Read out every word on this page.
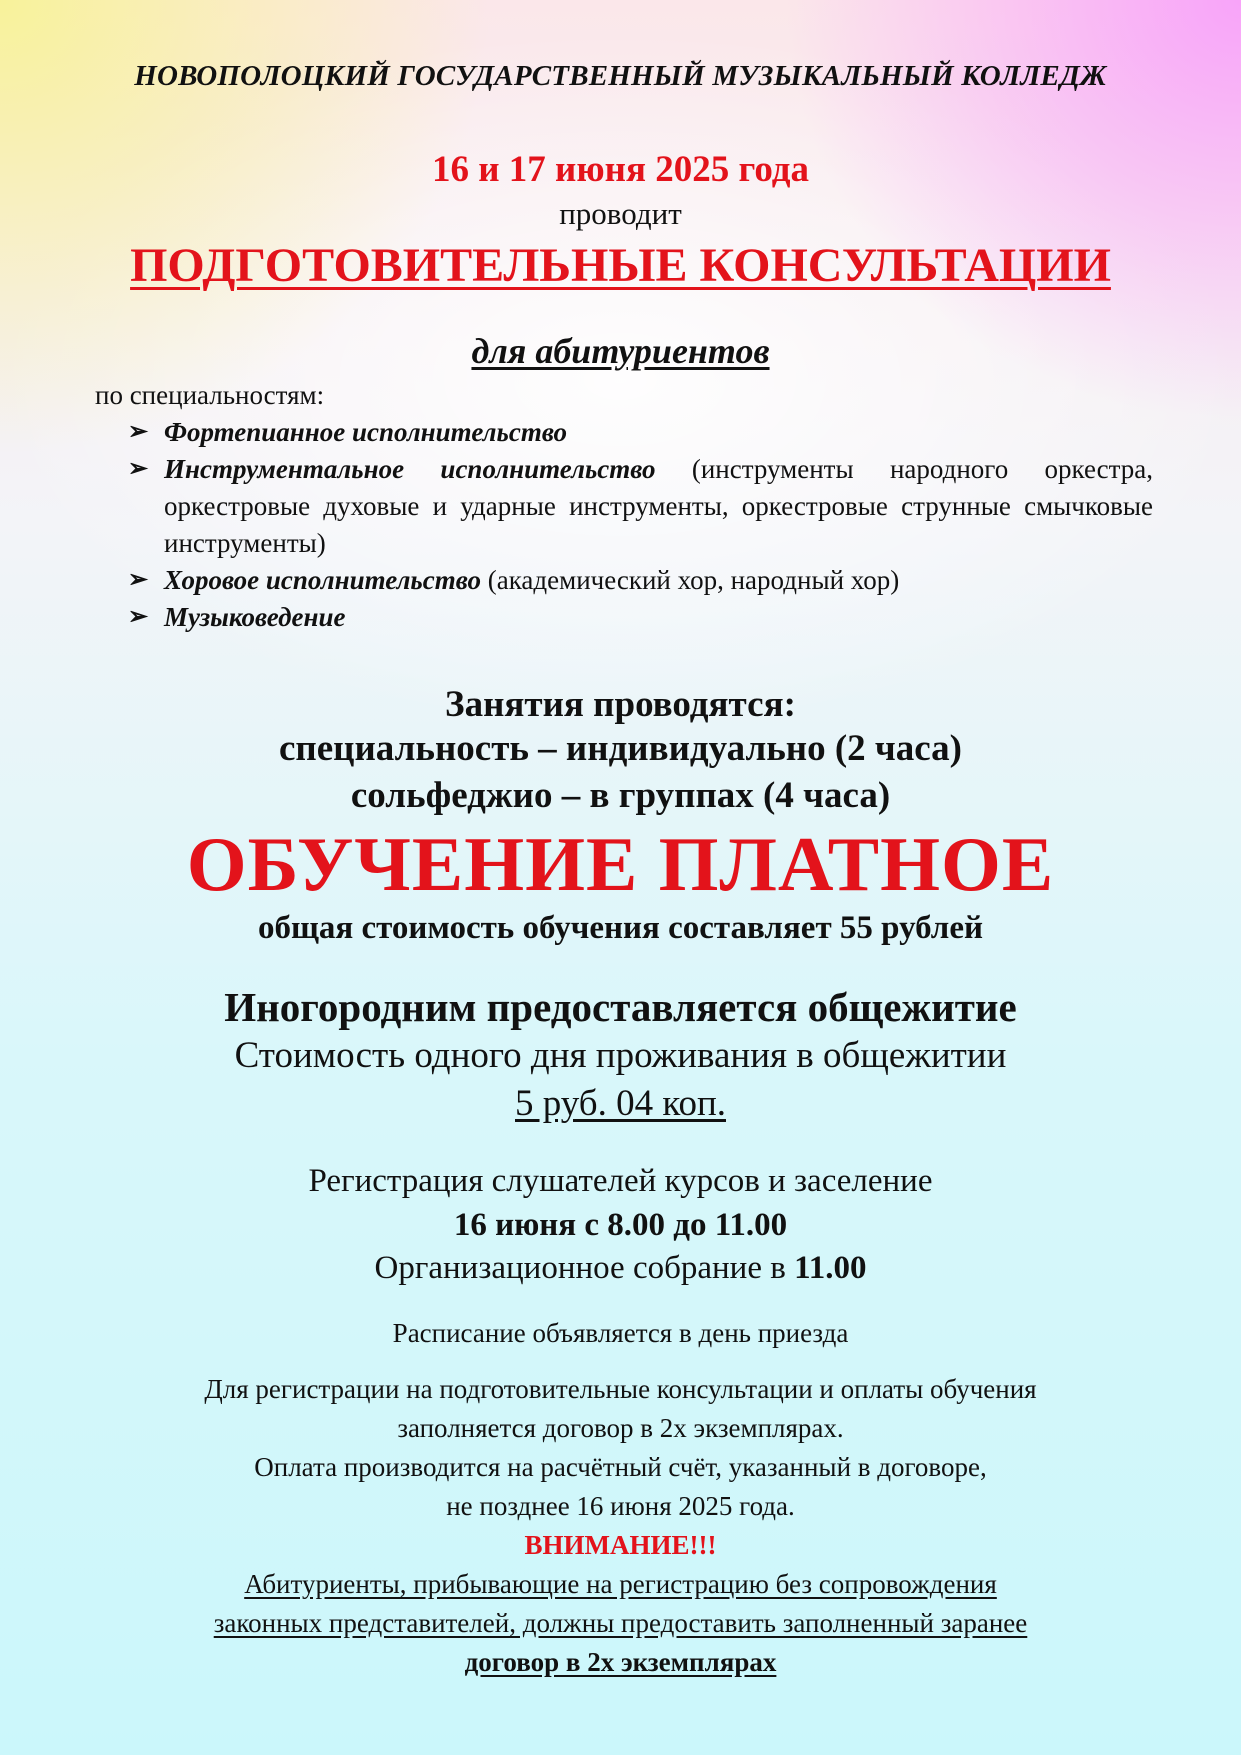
НОВОПОЛОЦКИЙ ГОСУДАРСТВЕННЫЙ МУЗЫКАЛЬНЫЙ КОЛЛЕДЖ
16 и 17 июня 2025 года
проводит
ПОДГОТОВИТЕЛЬНЫЕ КОНСУЛЬТАЦИИ
для абитуриентов
по специальностям:
➢ Фортепианное исполнительство
➢ Инструментальное исполнительство (инструменты народного оркестра, оркестровые духовые и ударные инструменты, оркестровые струнные смычковые инструменты)
➢ Хоровое исполнительство (академический хор, народный хор)
➢ Музыковедение
Занятия проводятся:
специальность – индивидуально (2 часа)
сольфеджио – в группах (4 часа)
ОБУЧЕНИЕ ПЛАТНОЕ
общая стоимость обучения составляет 55 рублей
Иногородним предоставляется общежитие
Стоимость одного дня проживания в общежитии
5 руб. 04 коп.
Регистрация слушателей курсов и заселение
16 июня с 8.00 до 11.00
Организационное собрание в 11.00
Расписание объявляется в день приезда
Для регистрации на подготовительные консультации и оплаты обучения
заполняется договор в 2х экземплярах.
Оплата производится на расчётный счёт, указанный в договоре,
не позднее 16 июня 2025 года.
ВНИМАНИЕ!!!
Абитуриенты, прибывающие на регистрацию без сопровождения
законных представителей, должны предоставить заполненный заранее
договор в 2х экземплярах
